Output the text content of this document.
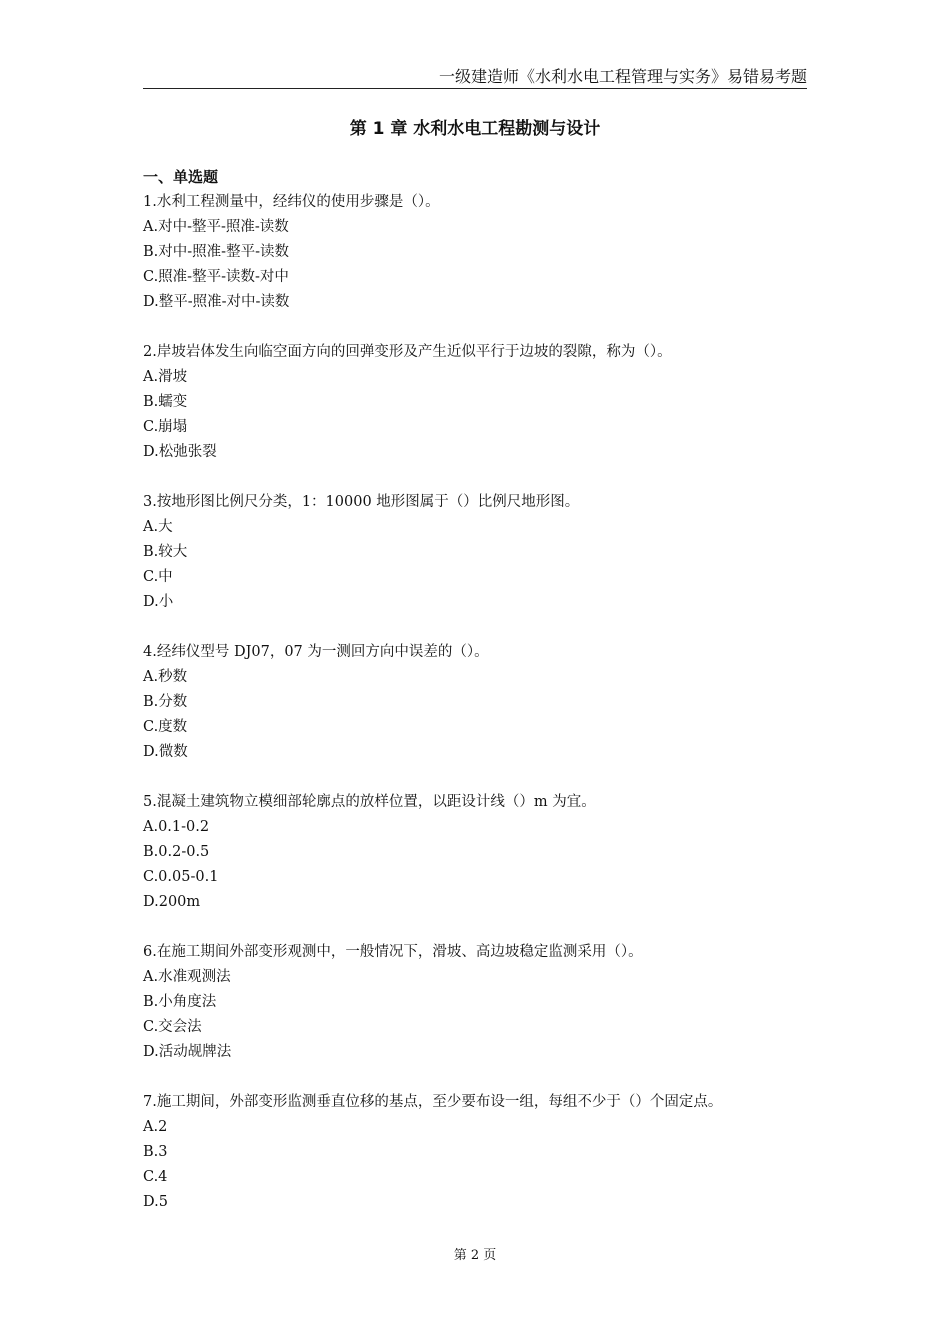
一级建造师《水利水电工程管理与实务》易错易考题
第 1 章 水利水电工程勘测与设计
一、单选题
1.水利工程测量中，经纬仪的使用步骤是（）。
A.对中-整平-照准-读数
B.对中-照准-整平-读数
C.照准-整平-读数-对中
D.整平-照准-对中-读数
2.岸坡岩体发生向临空面方向的回弹变形及产生近似平行于边坡的裂隙，称为（）。
A.滑坡
B.蠕变
C.崩塌
D.松弛张裂
3.按地形图比例尺分类，1：10000 地形图属于（）比例尺地形图。
A.大
B.较大
C.中
D.小
4.经纬仪型号 DJ07，07 为一测回方向中误差的（）。
A.秒数
B.分数
C.度数
D.微数
5.混凝土建筑物立模细部轮廓点的放样位置，以距设计线（）m 为宜。
A.0.1-0.2
B.0.2-0.5
C.0.05-0.1
D.200m
6.在施工期间外部变形观测中，一般情况下，滑坡、高边坡稳定监测采用（）。
A.水准观测法
B.小角度法
C.交会法
D.活动觇牌法
7.施工期间，外部变形监测垂直位移的基点，至少要布设一组，每组不少于（）个固定点。
A.2
B.3
C.4
D.5
第 2 页
